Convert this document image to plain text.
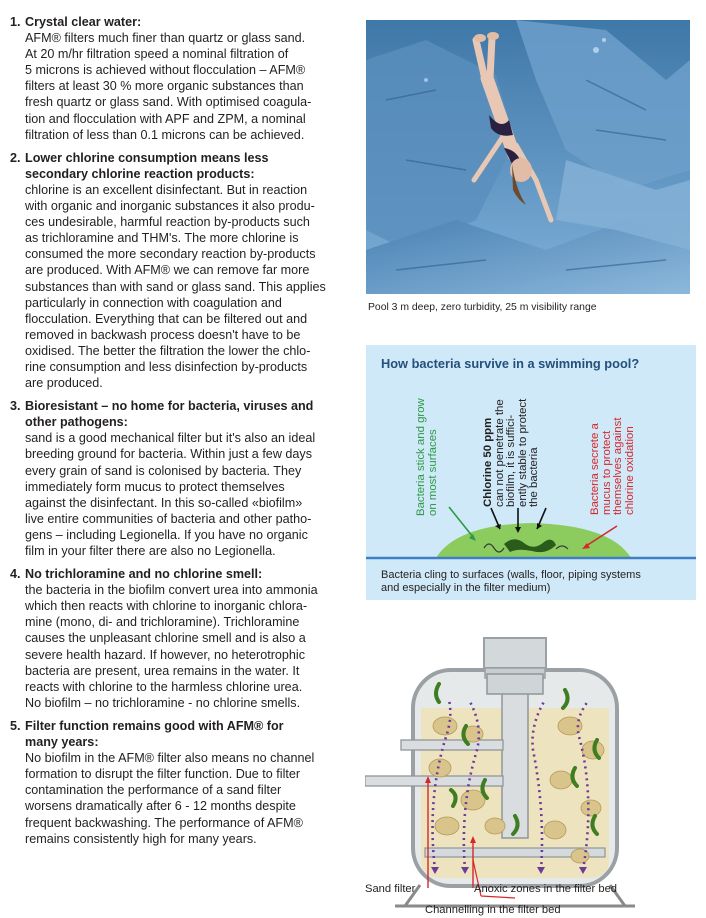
1. Crystal clear water:
AFM® filters much finer than quartz or glass sand.
At 20 m/hr filtration speed a nominal filtration of
5 microns is achieved without flocculation – AFM®
filters at least 30 % more organic substances than
fresh quartz or glass sand. With optimised coagula-
tion and flocculation with APF and ZPM, a nominal
filtration of less than 0.1 microns can be achieved.
2. Lower chlorine consumption means less
secondary chlorine reaction products:
chlorine is an excellent disinfectant. But in reaction
with organic and inorganic substances it also produ-
ces undesirable, harmful reaction by-products such
as trichloramine and THM's. The more chlorine is
consumed the more secondary reaction by-products
are produced. With AFM® we can remove far more
substances than with sand or glass sand. This applies
particularly in connection with coagulation and
flocculation. Everything that can be filtered out and
removed in backwash process doesn't have to be
oxidised. The better the filtration the lower the chlo-
rine consumption and less disinfection by-products
are produced.
3. Bioresistant – no home for bacteria, viruses and
other pathogens:
sand is a good mechanical filter but it's also an ideal
breeding ground for bacteria. Within just a few days
every grain of sand is colonised by bacteria. They
immediately form mucus to protect themselves
against the disinfectant. In this so-called «biofilm»
live entire communities of bacteria and other patho-
gens – including Legionella. If you have no organic
film in your filter there are also no Legionella.
4. No trichloramine and no chlorine smell:
the bacteria in the biofilm convert urea into ammonia
which then reacts with chlorine to inorganic chlora-
mine (mono, di- and trichloramine). Trichloramine
causes the unpleasant chlorine smell and is also a
severe health hazard. If however, no heterotrophic
bacteria are present, urea remains in the water. It
reacts with chlorine to the harmless chlorine urea.
No biofilm – no trichloramine - no chlorine smells.
5. Filter function remains good with AFM® for
many years:
No biofilm in the AFM® filter also means no channel
formation to disrupt the filter function. Due to filter
contamination the performance of a sand filter
worsens dramatically after 6 - 12 months despite
frequent backwashing. The performance of AFM®
remains consistently high for many years.
Pool 3 m deep, zero turbidity, 25 m visibility range
How bacteria survive in a swimming pool?
Bacteria stick and grow on most surfaces	Chlorine 50 ppm can not penetrate the biofilm, it is suffici- ently stable to protect the bacteria	Bacteria secrete a mucus to protect themselves against chlorine oxidation
Bacteria cling to surfaces (walls, floor, piping systems
and especially in the filter medium)
Sand filter	Anoxic zones in the filter bed
Channelling in the filter bed
